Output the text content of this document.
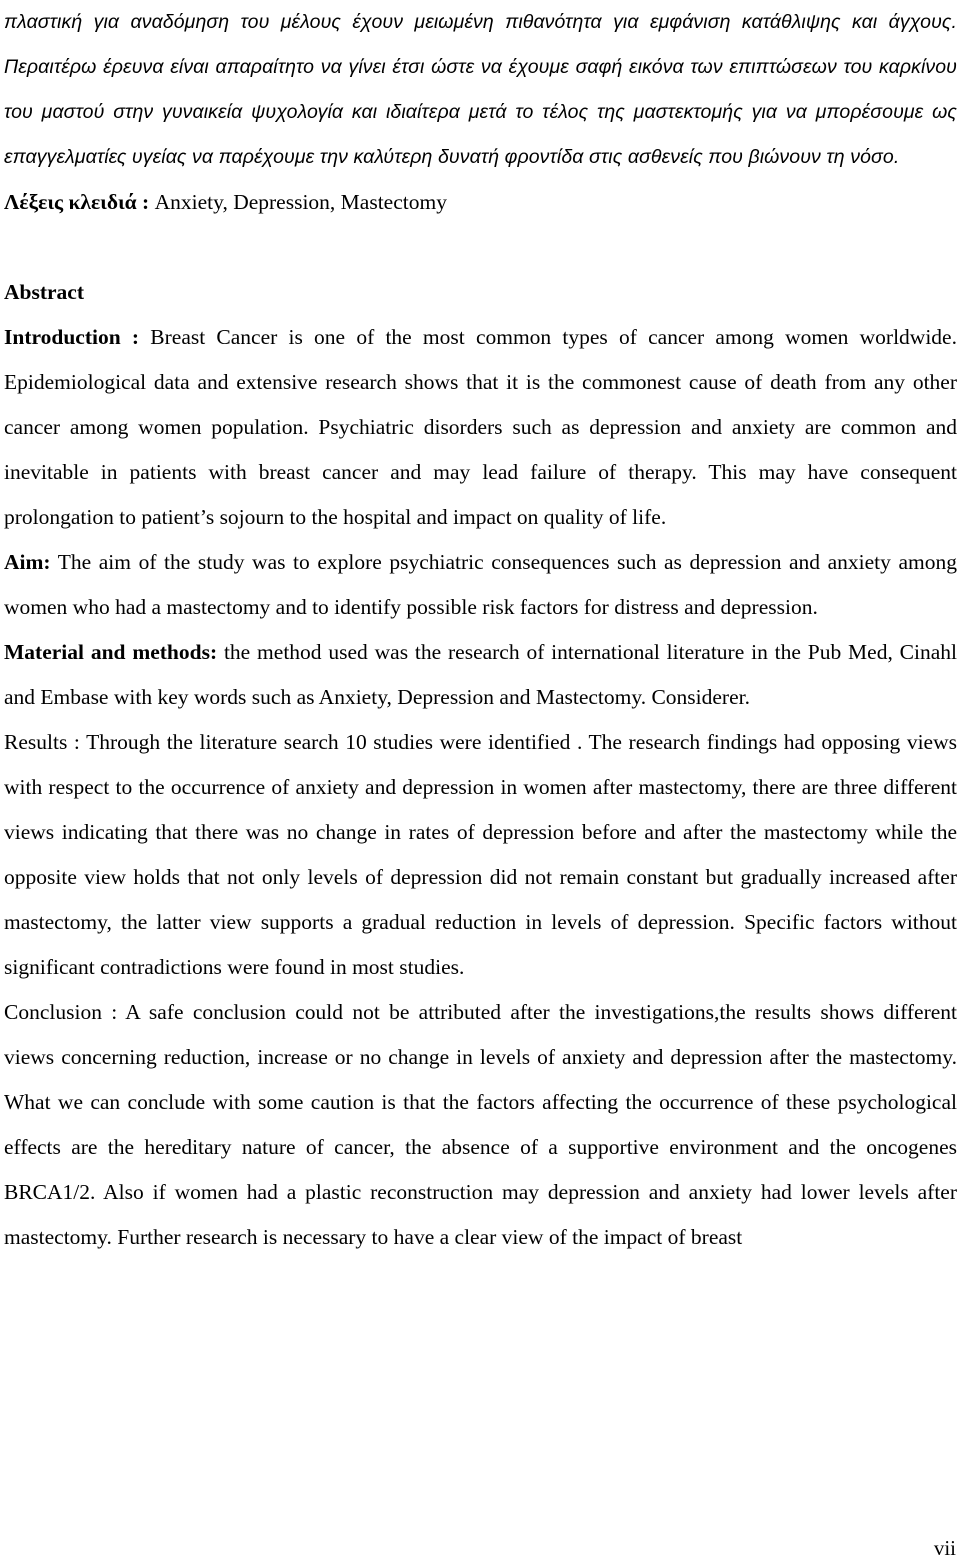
πλαστική για αναδόμηση του μέλους έχουν μειωμένη πιθανότητα για εμφάνιση κατάθλιψης και άγχους. Περαιτέρω έρευνα είναι απαραίτητο να γίνει έτσι ώστε να έχουμε σαφή εικόνα των επιπτώσεων του καρκίνου του μαστού στην γυναικεία ψυχολογία και ιδιαίτερα μετά το τέλος της μαστεκτομής για να μπορέσουμε ως επαγγελματίες υγείας να παρέχουμε την καλύτερη δυνατή φροντίδα στις ασθενείς που βιώνουν τη νόσο.

Λέξεις κλειδιά : Anxiety, Depression, Mastectomy

Abstract

Introduction : Breast Cancer is one of the most common types of cancer among women worldwide. Epidemiological data and extensive research shows that it is the commonest cause of death from any other cancer among women population. Psychiatric disorders such as depression and anxiety are common and inevitable in patients with breast cancer and may lead failure of therapy. This may have consequent prolongation to patient’s sojourn to the hospital and impact on quality of life.

Aim: The aim of the study was to explore psychiatric consequences such as depression and anxiety among women who had a mastectomy and to identify possible risk factors for distress and depression.

Material and methods: the method used was the research of international literature in the Pub Med, Cinahl and Embase with key words such as Anxiety, Depression and Mastectomy. Considerer.

Results : Through the literature search 10 studies were identified . The research findings had opposing views with respect to the occurrence of anxiety and depression in women after mastectomy, there are three different views indicating that there was no change in rates of depression before and after the mastectomy while the opposite view holds that not only levels of depression did not remain constant but gradually increased after mastectomy, the latter view supports a gradual reduction in levels of depression. Specific factors without significant contradictions were found in most studies.

Conclusion : A safe conclusion could not be attributed after the investigations,the results shows different views concerning reduction, increase or no change in levels of anxiety and depression after the mastectomy. What we can conclude with some caution is that the factors affecting the occurrence of these psychological effects are the hereditary nature of cancer, the absence of a supportive environment and the oncogenes BRCA1/2. Also if women had a plastic reconstruction may depression and anxiety had lower levels after mastectomy. Further research is necessary to have a clear view of the impact of breast

vii
